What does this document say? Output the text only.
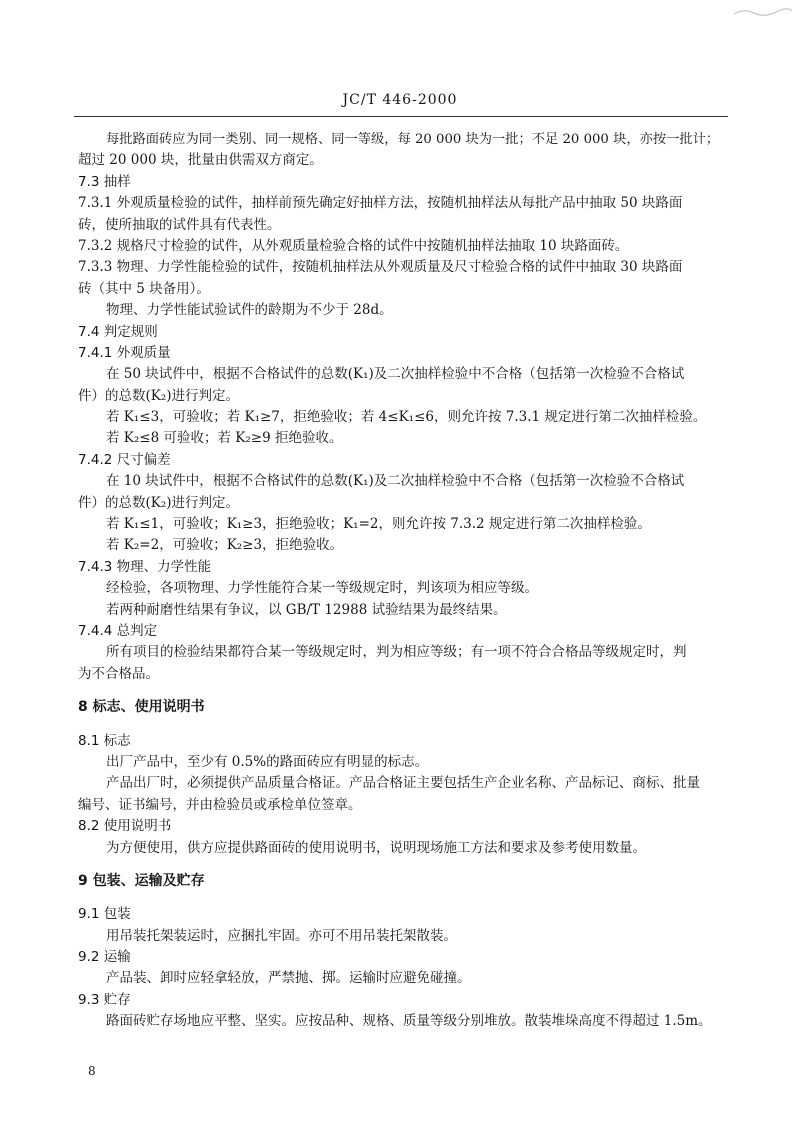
JC/T 446-2000
每批路面砖应为同一类别、同一规格、同一等级，每 20 000 块为一批；不足 20 000 块，亦按一批计；
超过 20 000 块，批量由供需双方商定。
7.3 抽样
7.3.1 外观质量检验的试件，抽样前预先确定好抽样方法，按随机抽样法从每批产品中抽取 50 块路面
砖，使所抽取的试件具有代表性。
7.3.2 规格尺寸检验的试件，从外观质量检验合格的试件中按随机抽样法抽取 10 块路面砖。
7.3.3 物理、力学性能检验的试件，按随机抽样法从外观质量及尺寸检验合格的试件中抽取 30 块路面
砖（其中 5 块备用）。
物理、力学性能试验试件的龄期为不少于 28d。
7.4 判定规则
7.4.1 外观质量
在 50 块试件中，根据不合格试件的总数(K₁)及二次抽样检验中不合格（包括第一次检验不合格试
件）的总数(K₂)进行判定。
若 K₁≤3，可验收；若 K₁≥7，拒绝验收；若 4≤K₁≤6，则允许按 7.3.1 规定进行第二次抽样检验。
若 K₂≤8 可验收；若 K₂≥9 拒绝验收。
7.4.2 尺寸偏差
在 10 块试件中，根据不合格试件的总数(K₁)及二次抽样检验中不合格（包括第一次检验不合格试
件）的总数(K₂)进行判定。
若 K₁≤1，可验收；K₁≥3，拒绝验收；K₁=2，则允许按 7.3.2 规定进行第二次抽样检验。
若 K₂=2，可验收；K₂≥3，拒绝验收。
7.4.3 物理、力学性能
经检验，各项物理、力学性能符合某一等级规定时，判该项为相应等级。
若两种耐磨性结果有争议，以 GB/T 12988 试验结果为最终结果。
7.4.4 总判定
所有项目的检验结果都符合某一等级规定时，判为相应等级；有一项不符合合格品等级规定时，判
为不合格品。
8 标志、使用说明书
8.1 标志
出厂产品中，至少有 0.5%的路面砖应有明显的标志。
产品出厂时，必须提供产品质量合格证。产品合格证主要包括生产企业名称、产品标记、商标、批量
编号、证书编号，并由检验员或承检单位签章。
8.2 使用说明书
为方便使用，供方应提供路面砖的使用说明书，说明现场施工方法和要求及参考使用数量。
9 包装、运输及贮存
9.1 包装
用吊装托架装运时，应捆扎牢固。亦可不用吊装托架散装。
9.2 运输
产品装、卸时应轻拿轻放，严禁抛、掷。运输时应避免碰撞。
9.3 贮存
路面砖贮存场地应平整、坚实。应按品种、规格、质量等级分别堆放。散装堆垛高度不得超过 1.5m。
8
